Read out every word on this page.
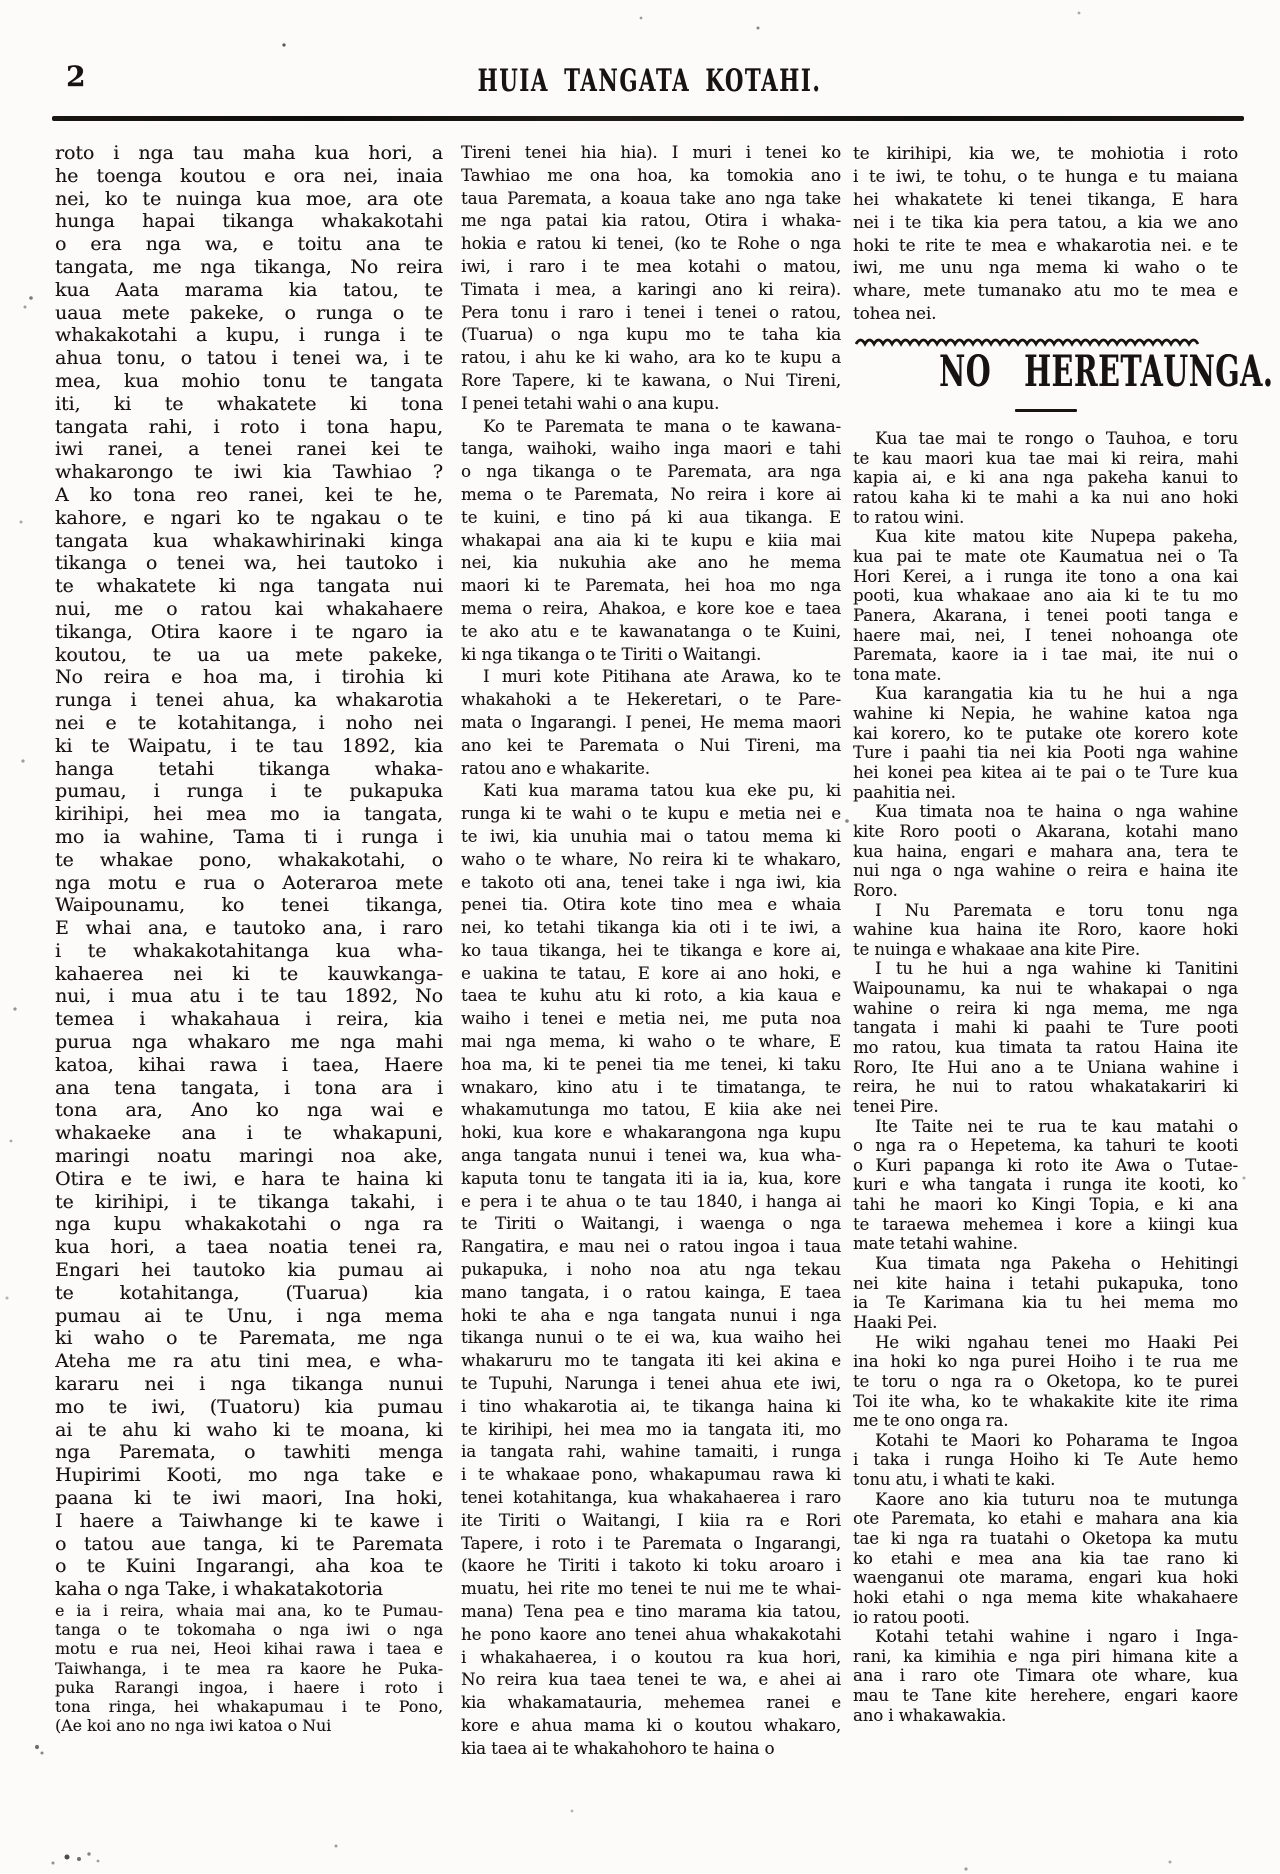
2	HUIA TANGATA KOTAHI.
roto i nga tau maha kua hori, a
he toenga koutou e ora nei, inaia
nei, ko te nuinga kua moe, ara ote
hunga hapai tikanga whakakotahi
o era nga wa, e toitu ana te
tangata, me nga tikanga, No reira
kua Aata marama kia tatou, te
uaua mete pakeke, o runga o te
whakakotahi a kupu, i runga i te
ahua tonu, o tatou i tenei wa, i te
mea, kua mohio tonu te tangata
iti, ki te whakatete ki tona
tangata rahi, i roto i tona hapu,
iwi ranei, a tenei ranei kei te
whakarongo te iwi kia Tawhiao ?
A ko tona reo ranei, kei te he,
kahore, e ngari ko te ngakau o te
tangata kua whakawhirinaki kinga
tikanga o tenei wa, hei tautoko i
te whakatete ki nga tangata nui
nui, me o ratou kai whakahaere
tikanga, Otira kaore i te ngaro ia
koutou, te ua ua mete pakeke,
No reira e hoa ma, i tirohia ki
runga i tenei ahua, ka whakarotia
nei e te kotahitanga, i noho nei
ki te Waipatu, i te tau 1892, kia
hanga tetahi tikanga whaka-
pumau, i runga i te pukapuka
kirihipi, hei mea mo ia tangata,
mo ia wahine, Tama ti i runga i
te whakae pono, whakakotahi, o
nga motu e rua o Aoteraroa mete
Waipounamu, ko tenei tikanga,
E whai ana, e tautoko ana, i raro
i te whakakotahitanga kua wha-
kahaerea nei ki te kauwkanga-
nui, i mua atu i te tau 1892, No
temea i whakahaua i reira, kia
purua nga whakaro me nga mahi
katoa, kihai rawa i taea, Haere
ana tena tangata, i tona ara i
tona ara, Ano ko nga wai e
whakaeke ana i te whakapuni,
maringi noatu maringi noa ake,
Otira e te iwi, e hara te haina ki
te kirihipi, i te tikanga takahi, i
nga kupu whakakotahi o nga ra
kua hori, a taea noatia tenei ra,
Engari hei tautoko kia pumau ai
te kotahitanga, (Tuarua) kia
pumau ai te Unu, i nga mema
ki waho o te Paremata, me nga
Ateha me ra atu tini mea, e wha-
kararu nei i nga tikanga nunui
mo te iwi, (Tuatoru) kia pumau
ai te ahu ki waho ki te moana, ki
nga Paremata, o tawhiti menga
Hupirimi Kooti, mo nga take e
paana ki te iwi maori, Ina hoki,
I haere a Taiwhange ki te kawe i
o tatou aue tanga, ki te Paremata
o te Kuini Ingarangi, aha koa te
kaha o nga Take, i whakatakotoria
e ia i reira, whaia mai ana, ko te Pumau-
tanga o te tokomaha o nga iwi o nga
motu e rua nei, Heoi kihai rawa i taea e
Taiwhanga, i te mea ra kaore he Puka-
puka Rarangi ingoa, i haere i roto i
tona ringa, hei whakapumau i te Pono,
(Ae koi ano no nga iwi katoa o Nui
Tireni tenei hia hia). I muri i tenei ko
Tawhiao me ona hoa, ka tomokia ano
taua Paremata, a koaua take ano nga take
me nga patai kia ratou, Otira i whaka-
hokia e ratou ki tenei, (ko te Rohe o nga
iwi, i raro i te mea kotahi o matou,
Timata i mea, a karingi ano ki reira).
Pera tonu i raro i tenei i tenei o ratou,
(Tuarua) o nga kupu mo te taha kia
ratou, i ahu ke ki waho, ara ko te kupu a
Rore Tapere, ki te kawana, o Nui Tireni,
I penei tetahi wahi o ana kupu.
Ko te Paremata te mana o te kawana-
tanga, waihoki, waiho inga maori e tahi
o nga tikanga o te Paremata, ara nga
mema o te Paremata, No reira i kore ai
te kuini, e tino pá ki aua tikanga. E
whakapai ana aia ki te kupu e kiia mai
nei, kia nukuhia ake ano he mema
maori ki te Paremata, hei hoa mo nga
mema o reira, Ahakoa, e kore koe e taea
te ako atu e te kawanatanga o te Kuini,
ki nga tikanga o te Tiriti o Waitangi.
I muri kote Pitihana ate Arawa, ko te
whakahoki a te Hekeretari, o te Pare-
mata o Ingarangi. I penei, He mema maori
ano kei te Paremata o Nui Tireni, ma
ratou ano e whakarite.
Kati kua marama tatou kua eke pu, ki
runga ki te wahi o te kupu e metia nei e
te iwi, kia unuhia mai o tatou mema ki
waho o te whare, No reira ki te whakaro,
e takoto oti ana, tenei take i nga iwi, kia
penei tia. Otira kote tino mea e whaia
nei, ko tetahi tikanga kia oti i te iwi, a
ko taua tikanga, hei te tikanga e kore ai,
e uakina te tatau, E kore ai ano hoki, e
taea te kuhu atu ki roto, a kia kaua e
waiho i tenei e metia nei, me puta noa
mai nga mema, ki waho o te whare, E
hoa ma, ki te penei tia me tenei, ki taku
wnakaro, kino atu i te timatanga, te
whakamutunga mo tatou, E kiia ake nei
hoki, kua kore e whakarangona nga kupu
anga tangata nunui i tenei wa, kua wha-
kaputa tonu te tangata iti ia ia, kua, kore
e pera i te ahua o te tau 1840, i hanga ai
te Tiriti o Waitangi, i waenga o nga
Rangatira, e mau nei o ratou ingoa i taua
pukapuka, i noho noa atu nga tekau
mano tangata, i o ratou kainga, E taea
hoki te aha e nga tangata nunui i nga
tikanga nunui o te ei wa, kua waiho hei
whakaruru mo te tangata iti kei akina e
te Tupuhi, Narunga i tenei ahua ete iwi,
i tino whakarotia ai, te tikanga haina ki
te kirihipi, hei mea mo ia tangata iti, mo
ia tangata rahi, wahine tamaiti, i runga
i te whakaae pono, whakapumau rawa ki
tenei kotahitanga, kua whakahaerea i raro
ite Tiriti o Waitangi, I kiia ra e Rori
Tapere, i roto i te Paremata o Ingarangi,
(kaore he Tiriti i takoto ki toku aroaro i
muatu, hei rite mo tenei te nui me te whai-
mana) Tena pea e tino marama kia tatou,
he pono kaore ano tenei ahua whakakotahi
i whakahaerea, i o koutou ra kua hori,
No reira kua taea tenei te wa, e ahei ai
kia whakamatauria, mehemea ranei e
kore e ahua mama ki o koutou whakaro,
kia taea ai te whakahohoro te haina o
te kirihipi, kia we, te mohiotia i roto
i te iwi, te tohu, o te hunga e tu maiana
hei whakatete ki tenei tikanga, E hara
nei i te tika kia pera tatou, a kia we ano
hoki te rite te mea e whakarotia nei. e te
iwi, me unu nga mema ki waho o te
whare, mete tumanako atu mo te mea e
tohea nei.
NO HERETAUNGA.
Kua tae mai te rongo o Tauhoa, e toru
te kau maori kua tae mai ki reira, mahi
kapia ai, e ki ana nga pakeha kanui to
ratou kaha ki te mahi a ka nui ano hoki
to ratou wini.
Kua kite matou kite Nupepa pakeha,
kua pai te mate ote Kaumatua nei o Ta
Hori Kerei, a i runga ite tono a ona kai
pooti, kua whakaae ano aia ki te tu mo
Panera, Akarana, i tenei pooti tanga e
haere mai, nei, I tenei nohoanga ote
Paremata, kaore ia i tae mai, ite nui o
tona mate.
Kua karangatia kia tu he hui a nga
wahine ki Nepia, he wahine katoa nga
kai korero, ko te putake ote korero kote
Ture i paahi tia nei kia Pooti nga wahine
hei konei pea kitea ai te pai o te Ture kua
paahitia nei.
Kua timata noa te haina o nga wahine
kite Roro pooti o Akarana, kotahi mano
kua haina, engari e mahara ana, tera te
nui nga o nga wahine o reira e haina ite
Roro.
I Nu Paremata e toru tonu nga
wahine kua haina ite Roro, kaore hoki
te nuinga e whakaae ana kite Pire.
I tu he hui a nga wahine ki Tanitini
Waipounamu, ka nui te whakapai o nga
wahine o reira ki nga mema, me nga
tangata i mahi ki paahi te Ture pooti
mo ratou, kua timata ta ratou Haina ite
Roro, Ite Hui ano a te Uniana wahine i
reira, he nui to ratou whakatakariri ki
tenei Pire.
Ite Taite nei te rua te kau matahi o
o nga ra o Hepetema, ka tahuri te kooti
o Kuri papanga ki roto ite Awa o Tutae-
kuri e wha tangata i runga ite kooti, ko
tahi he maori ko Kingi Topia, e ki ana
te taraewa mehemea i kore a kiingi kua
mate tetahi wahine.
Kua timata nga Pakeha o Hehitingi
nei kite haina i tetahi pukapuka, tono
ia Te Karimana kia tu hei mema mo
Haaki Pei.
He wiki ngahau tenei mo Haaki Pei
ina hoki ko nga purei Hoiho i te rua me
te toru o nga ra o Oketopa, ko te purei
Toi ite wha, ko te whakakite kite ite rima
me te ono onga ra.
Kotahi te Maori ko Poharama te Ingoa
i taka i runga Hoiho ki Te Aute hemo
tonu atu, i whati te kaki.
Kaore ano kia tuturu noa te mutunga
ote Paremata, ko etahi e mahara ana kia
tae ki nga ra tuatahi o Oketopa ka mutu
ko etahi e mea ana kia tae rano ki
waenganui ote marama, engari kua hoki
hoki etahi o nga mema kite whakahaere
io ratou pooti.
Kotahi tetahi wahine i ngaro i Inga-
rani, ka kimihia e nga piri himana kite a
ana i raro ote Timara ote whare, kua
mau te Tane kite herehere, engari kaore
ano i whakawakia.
